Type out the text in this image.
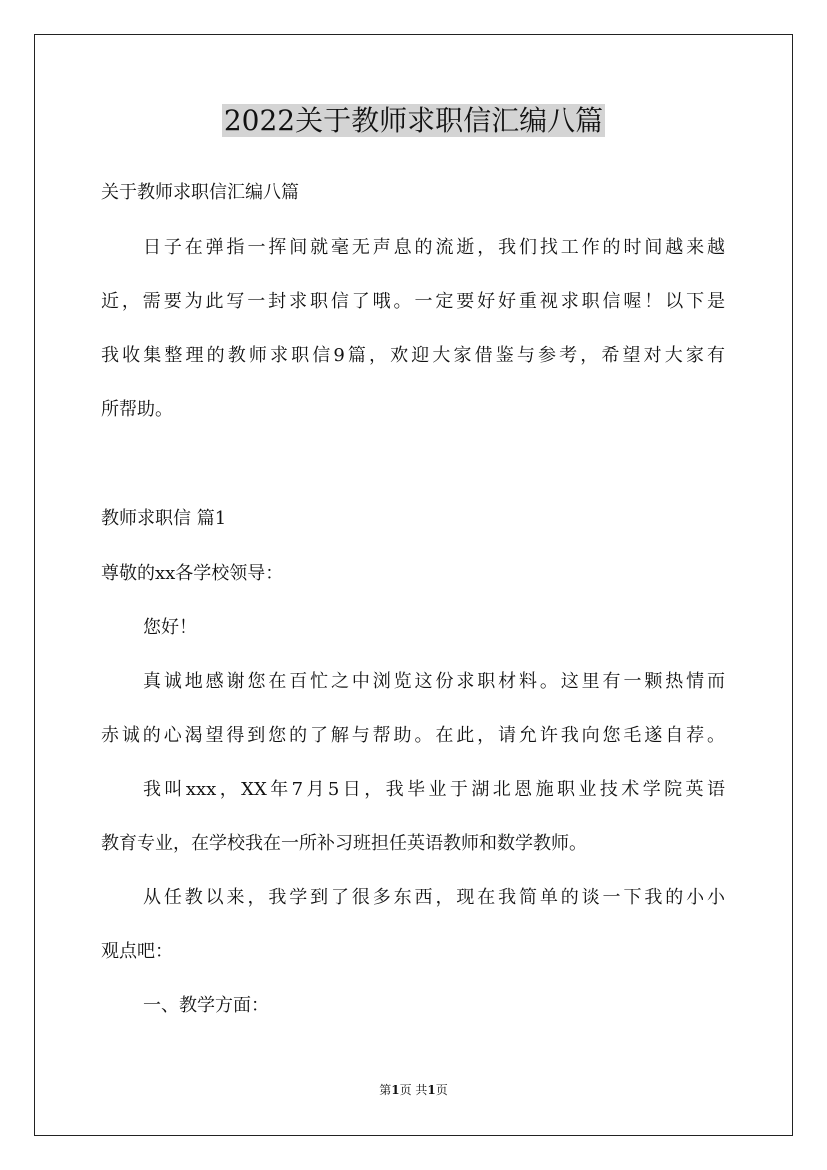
2022关于教师求职信汇编八篇

关于教师求职信汇编八篇

日子在弹指一挥间就毫无声息的流逝，我们找工作的时间越来越

近，需要为此写一封求职信了哦。一定要好好重视求职信喔！以下是

我收集整理的教师求职信9篇，欢迎大家借鉴与参考，希望对大家有

所帮助。

教师求职信 篇1

尊敬的xx各学校领导：

您好！

真诚地感谢您在百忙之中浏览这份求职材料。这里有一颗热情而

赤诚的心渴望得到您的了解与帮助。在此，请允许我向您毛遂自荐。

我叫xxx，XX年7月5日，我毕业于湖北恩施职业技术学院英语

教育专业，在学校我在一所补习班担任英语教师和数学教师。

从任教以来，我学到了很多东西，现在我简单的谈一下我的小小

观点吧：

一、教学方面：

第1页 共1页
